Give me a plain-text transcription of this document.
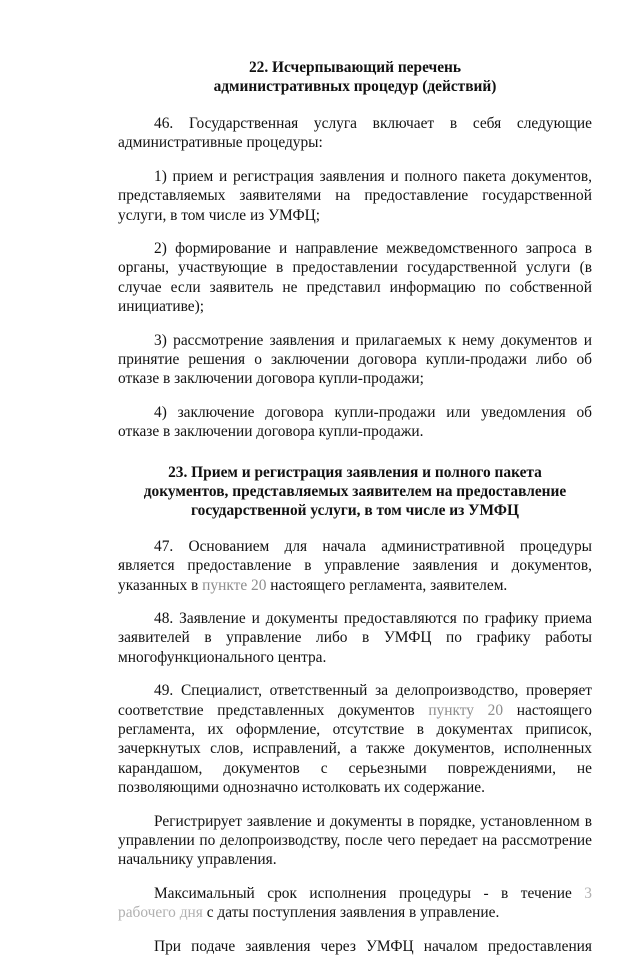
22. Исчерпывающий перечень
административных процедур (действий)

46. Государственная услуга включает в себя следующие административные процедуры:

1) прием и регистрация заявления и полного пакета документов, представляемых заявителями на предоставление государственной услуги, в том числе из УМФЦ;

2) формирование и направление межведомственного запроса в органы, участвующие в предоставлении государственной услуги (в случае если заявитель не представил информацию по собственной инициативе);

3) рассмотрение заявления и прилагаемых к нему документов и принятие решения о заключении договора купли-продажи либо об отказе в заключении договора купли-продажи;

4) заключение договора купли-продажи или уведомления об отказе в заключении договора купли-продажи.

23. Прием и регистрация заявления и полного пакета
документов, представляемых заявителем на предоставление
государственной услуги, в том числе из УМФЦ

47. Основанием для начала административной процедуры является предоставление в управление заявления и документов, указанных в пункте 20 настоящего регламента, заявителем.

48. Заявление и документы предоставляются по графику приема заявителей в управление либо в УМФЦ по графику работы многофункционального центра.

49. Специалист, ответственный за делопроизводство, проверяет соответствие представленных документов пункту 20 настоящего регламента, их оформление, отсутствие в документах приписок, зачеркнутых слов, исправлений, а также документов, исполненных карандашом, документов с серьезными повреждениями, не позволяющими однозначно истолковать их содержание.

Регистрирует заявление и документы в порядке, установленном в управлении по делопроизводству, после чего передает на рассмотрение начальнику управления.

Максимальный срок исполнения процедуры - в течение 3 рабочего дня с даты поступления заявления в управление.

При подаче заявления через УМФЦ началом предоставления
